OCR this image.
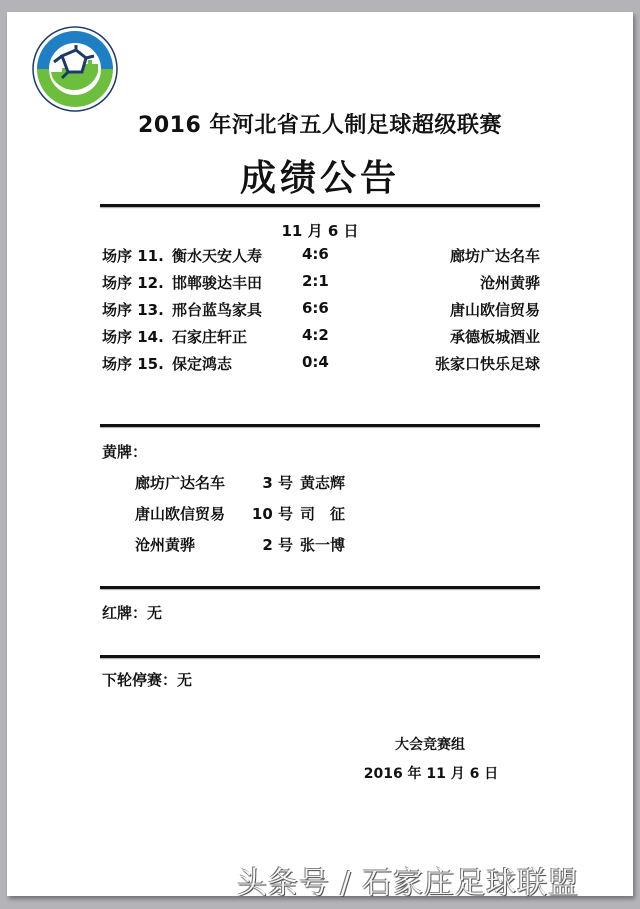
2016 年河北省五人制足球超级联赛
成绩公告
11 月 6 日
场序 11. 衡水天安人寿	4:6	廊坊广达名车
场序 12. 邯郸骏达丰田	2:1	沧州黄骅
场序 13. 邢台蓝鸟家具	6:6	唐山欧信贸易
场序 14. 石家庄轩正	4:2	承德板城酒业
场序 15. 保定鸿志	0:4	张家口快乐足球
黄牌：
廊坊广达名车	3 号 黄志辉
唐山欧信贸易	10 号 司　征
沧州黄骅	2 号 张一博
红牌：无
下轮停赛：无
大会竞赛组
2016 年 11 月 6 日
头条号 / 石家庄足球联盟
